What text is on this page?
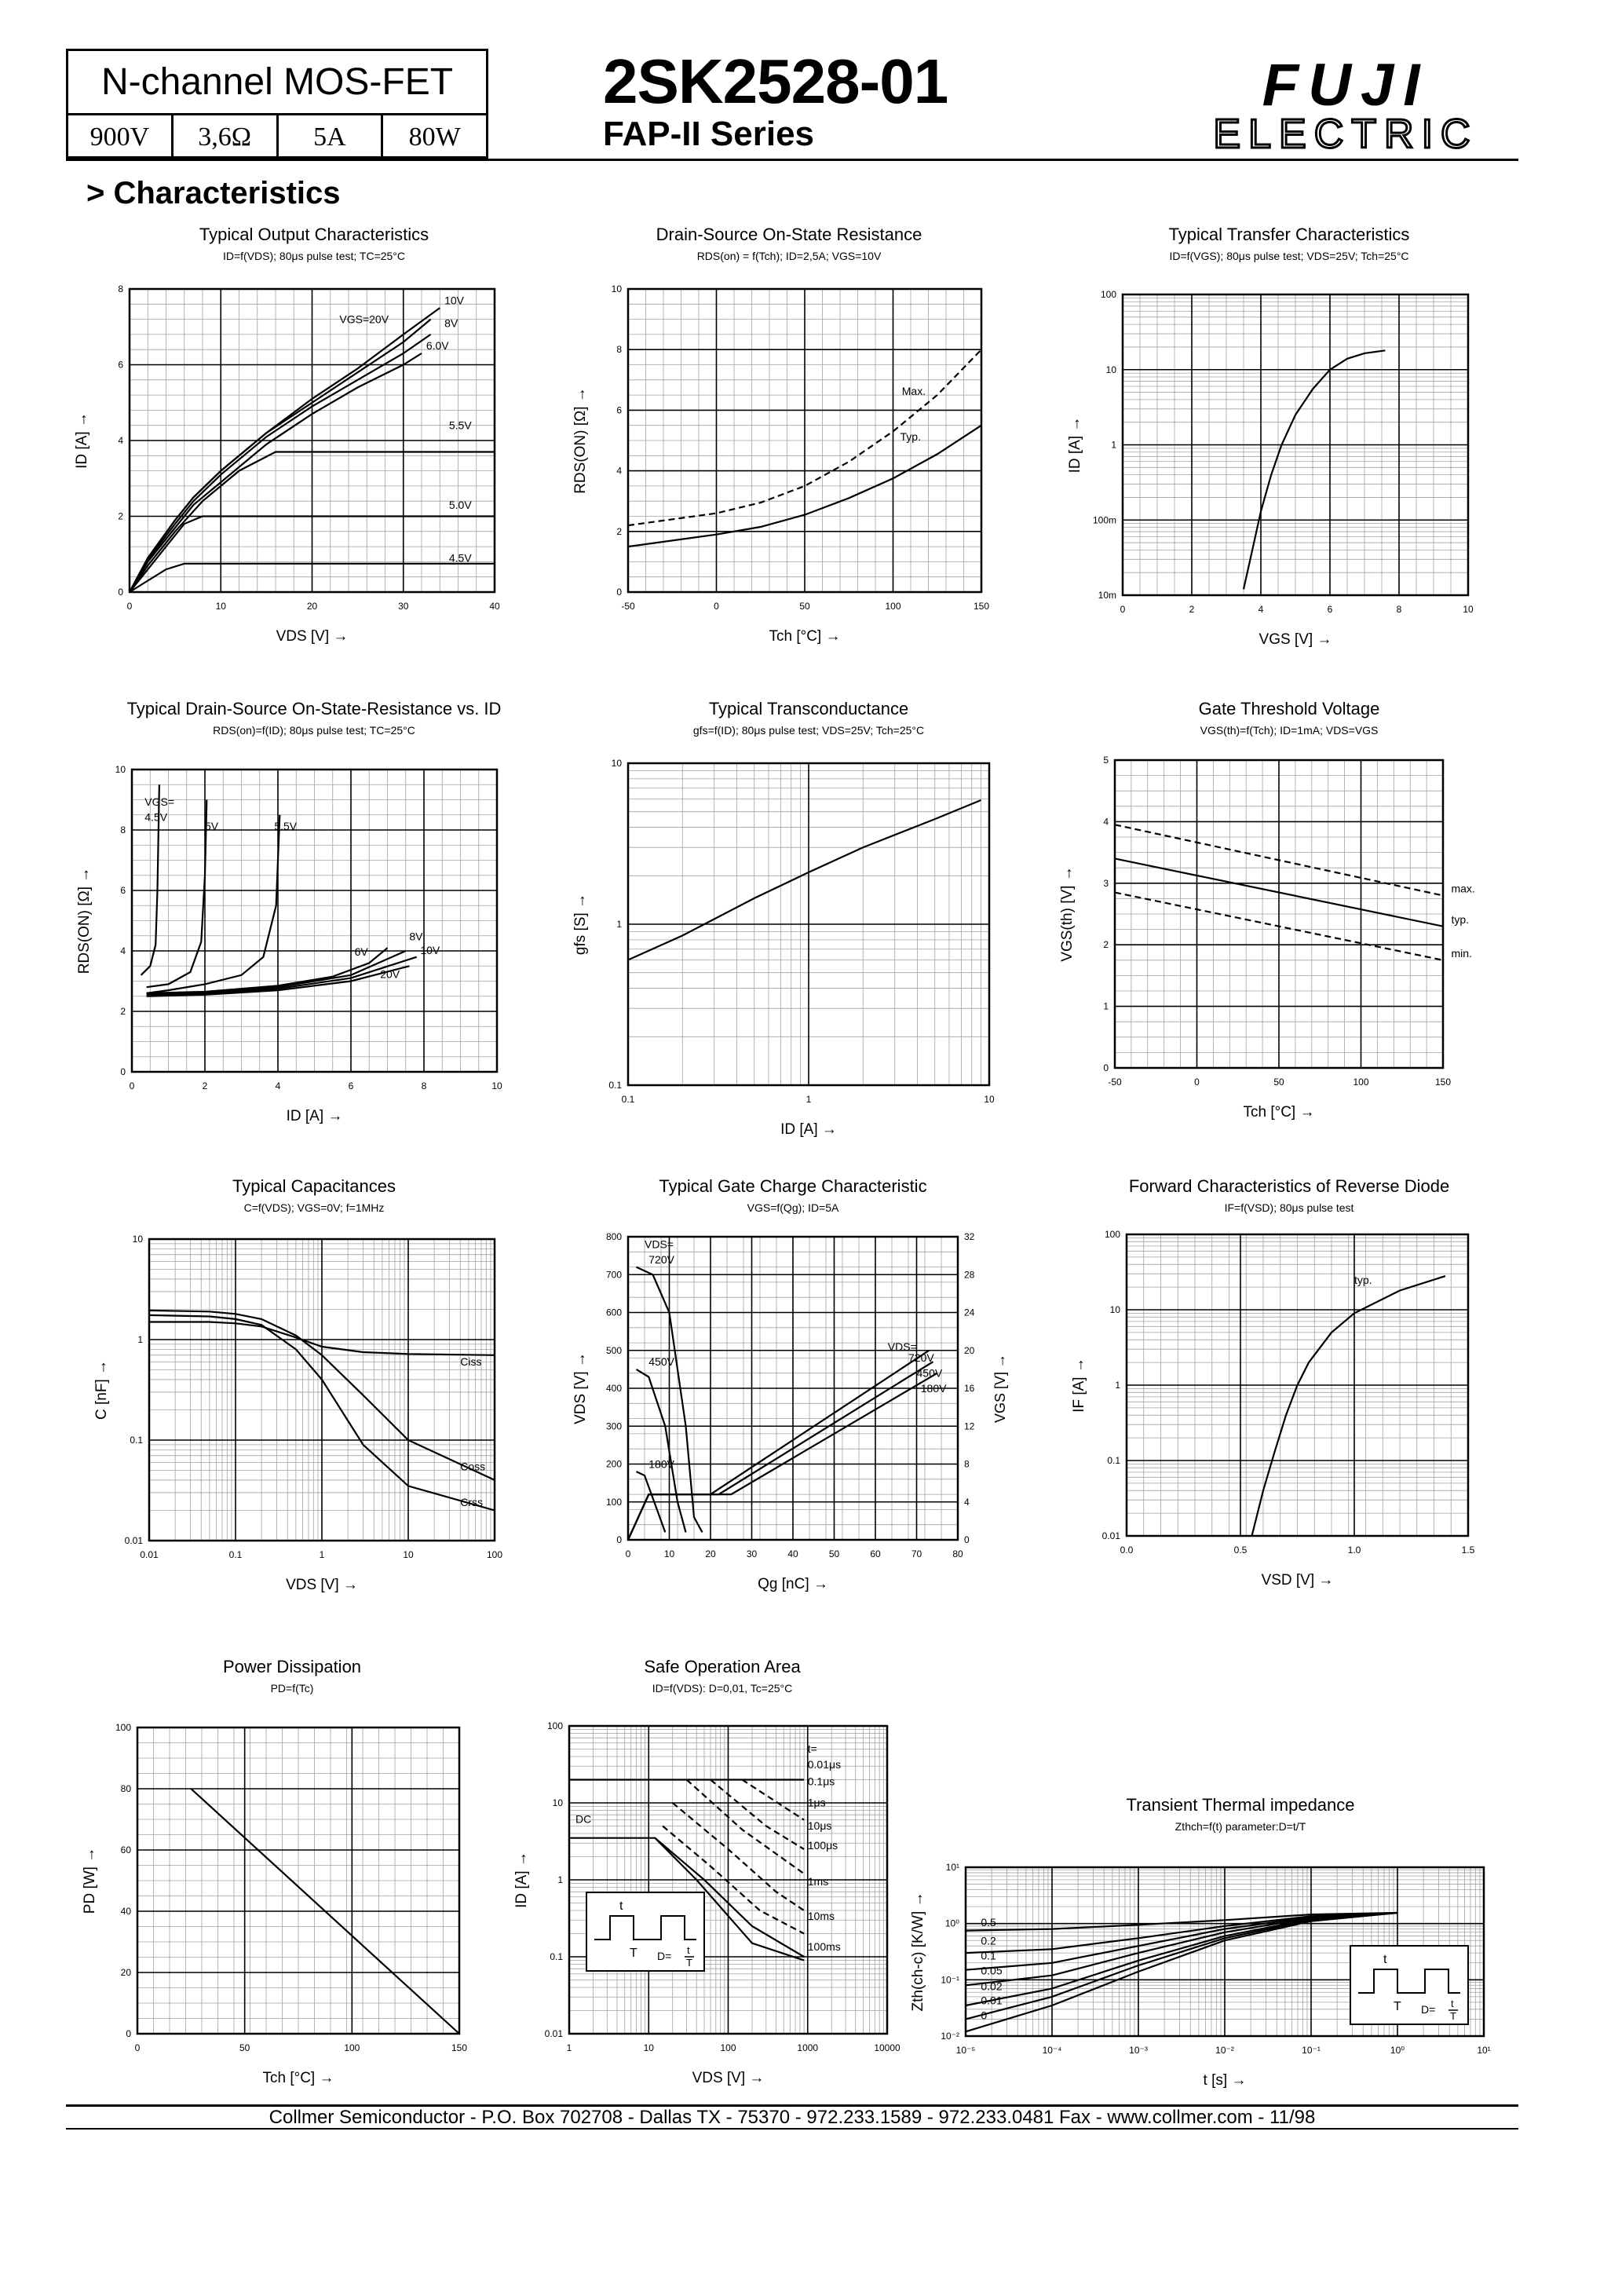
N-channel MOS-FET
900V	3,6Ω	5A	80W
2SK2528-01
FAP-II Series
FUJI
ELECTRIC
> Characteristics
Typical Output Characteristics
ID=f(VDS); 80μs pulse test; TC=25°C
0	10	20	30	40
0
2
4
6
8
VDS [V] →
ID [A] →
VGS=20V
10V
8V
6.0V
5.5V
5.0V
4.5V
Drain-Source On-State Resistance
RDS(on) = f(Tch); ID=2,5A; VGS=10V
-50	0	50	100	150
0
2
4
6
8
10
Tch [°C] →
RDS(ON) [Ω] →	Max.
Typ.
Typical Transfer Characteristics
ID=f(VGS); 80μs pulse test; VDS=25V; Tch=25°C
0	2	4	6	8	10
10m
100m
1
10
100
VGS [V] →
ID [A] →
Typical Drain-Source On-State-Resistance vs. ID
RDS(on)=f(ID); 80μs pulse test; TC=25°C
0	2	4	6	8	10
0
2
4
6
8
10
ID [A] →
RDS(ON) [Ω] →
VGS=
4.5V
5V	5.5V
6V
8V
10V
20V
Typical Transconductance
gfs=f(ID); 80μs pulse test; VDS=25V; Tch=25°C
0.1	1	10
0.1
1
10
ID [A] →
gfs [S] →
Gate Threshold Voltage
VGS(th)=f(Tch); ID=1mA; VDS=VGS
-50	0	50	100	150
0
1
2
3
4
5
Tch [°C] →
VGS(th) [V] →	max.
typ.
min.
Typical Capacitances
C=f(VDS); VGS=0V; f=1MHz
0.01	0.1	1	10	100
0.01
0.1
1
10
VDS [V] →
C [nF] →	Ciss
Coss
Crss
Typical Gate Charge Characteristic
VGS=f(Qg); ID=5A
0	10	20	30	40	50	60	70	80
0
100
200
300
400
500
600
700
800
0
4
8
12
16
20
24
28
32
VGS [V] →
Qg [nC] →
VDS [V] →
VDS=
720V
450V
180V
VDS=
720V
450V
180V
Forward Characteristics of Reverse Diode
IF=f(VSD); 80μs pulse test
0.0	0.5	1.0	1.5
0.01
0.1
1
10
100
VSD [V] →
IF [A] →
typ.
Power Dissipation
PD=f(Tc)
0	50	100	150
0
20
40
60
80
100
Tch [°C] →
PD [W] →
Safe Operation Area
ID=f(VDS): D=0,01, Tc=25°C
1	10	100	1000	10000
0.01
0.1
1
10
100
VDS [V] →
ID [A] →
t=
0.01μs
0.1μs
1μs
10μs
100μs
1ms
10ms
100ms
DC
t
T D= t
T
Transient Thermal impedance
Zthch=f(t) parameter:D=t/T
10⁻⁵	10⁻⁴	10⁻³	10⁻²	10⁻¹	10⁰	10¹
10⁻²
10⁻¹
10⁰
10¹
t [s] →
Zth(ch-c) [K/W] →	0.5
0.2
0.1
0.05
0.02
0.01
0
t
T D= t
T
Collmer Semiconductor - P.O. Box 702708 - Dallas TX - 75370 - 972.233.1589 - 972.233.0481 Fax - www.collmer.com - 11/98
